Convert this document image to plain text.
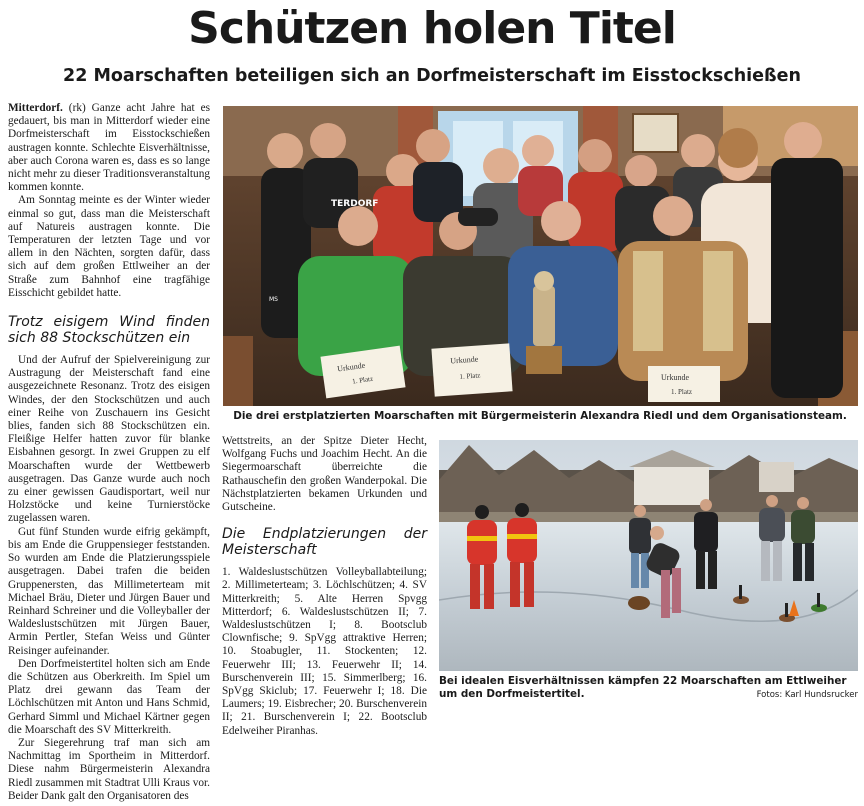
Schützen holen Titel
22 Moarschaften beteiligen sich an Dorfmeisterschaft im Eisstockschießen

Mitterdorf. (rk) Ganze acht Jahre hat es gedauert, bis man in Mitterdorf wieder eine Dorfmeisterschaft im Eisstockschießen austragen konnte. Schlechte Eisverhältnisse, aber auch Corona waren es, dass es so lange nicht mehr zu dieser Traditionsveranstaltung kommen konnte.

Am Sonntag meinte es der Winter wieder einmal so gut, dass man die Meisterschaft auf Natureis austragen konnte. Die Temperaturen der letzten Tage und vor allem in den Nächten, sorgten dafür, dass sich auf dem großen Ettlweiher an der Straße zum Bahnhof eine tragfähige Eisschicht gebildet hatte.

Trotz eisigem Wind finden sich 88 Stockschützen ein

Und der Aufruf der Spielvereinigung zur Austragung der Meisterschaft fand eine ausgezeichnete Resonanz. Trotz des eisigen Windes, der den Stockschützen und auch einer Reihe von Zuschauern ins Gesicht blies, fanden sich 88 Stockschützen ein. Fleißige Helfer hatten zuvor für blanke Eisbahnen gesorgt. In zwei Gruppen zu elf Moarschaften wurde der Wettbewerb ausgetragen. Das Ganze wurde auch noch zu einer gewissen Gaudisportart, weil nur Holzstöcke und keine Turnierstöcke zugelassen waren.

Gut fünf Stunden wurde eifrig gekämpft, bis am Ende die Gruppensieger feststanden. So wurden am Ende die Platzierungsspiele ausgetragen. Dabei trafen die beiden Gruppenersten, das Millimeterteam mit Michael Bräu, Dieter und Jürgen Bauer und Reinhard Schreiner und die Volleyballer der Waldeslustschützen mit Jürgen Bauer, Armin Pertler, Stefan Weiss und Günter Reisinger aufeinander.

Den Dorfmeistertitel holten sich am Ende die Schützen aus Oberkreith. Im Spiel um Platz drei gewann das Team der Löchlschützen mit Anton und Hans Schmid, Gerhard Simml und Michael Kärtner gegen die Moarschaft des SV Mitterkreith.

Zur Siegerehrung traf man sich am Nachmittag im Sportheim in Mitterdorf. Diese nahm Bürgermeisterin Alexandra Riedl zusammen mit Stadtrat Ulli Kraus vor. Beider Dank galt den Organisatoren des

Wettstreits, an der Spitze Dieter Hecht, Wolfgang Fuchs und Joachim Hecht. An die Siegermoarschaft überreichte die Rathauschefin den großen Wanderpokal. Die Nächstplatzierten bekamen Urkunden und Gutscheine.

Die Endplatzierungen der Meisterschaft

1. Waldeslustschützen Volleyballabteilung; 2. Millimeterteam; 3. Löchlschützen; 4. SV Mitterkreith; 5. Alte Herren Spvgg Mitterdorf; 6. Waldeslustschützen II; 7. Waldeslustschützen I; 8. Bootsclub Clownfische; 9. SpVgg attraktive Herren; 10. Stoabugler, 11. Stockenten; 12. Feuerwehr III; 13. Feuerwehr II; 14. Burschenverein III; 15. Simmerlberg; 16. SpVgg Skiclub; 17. Feuerwehr I; 18. Die Laumers; 19. Eisbrecher; 20. Burschenverein II; 21. Burschenverein I; 22. Bootsclub Edelweiher Piranhas.

Urkunde
1. Platz
Urkunde
1. Platz	Urkunde
1. Platz
TERDORF
MS
Die drei erstplatzierten Moarschaften mit Bürgermeisterin Alexandra Riedl und dem Organisationsteam.
Bei idealen Eisverhältnissen kämpfen 22 Moarschaften am Ettlweiher um den Dorfmeistertitel.	Fotos: Karl Hundsrucker
